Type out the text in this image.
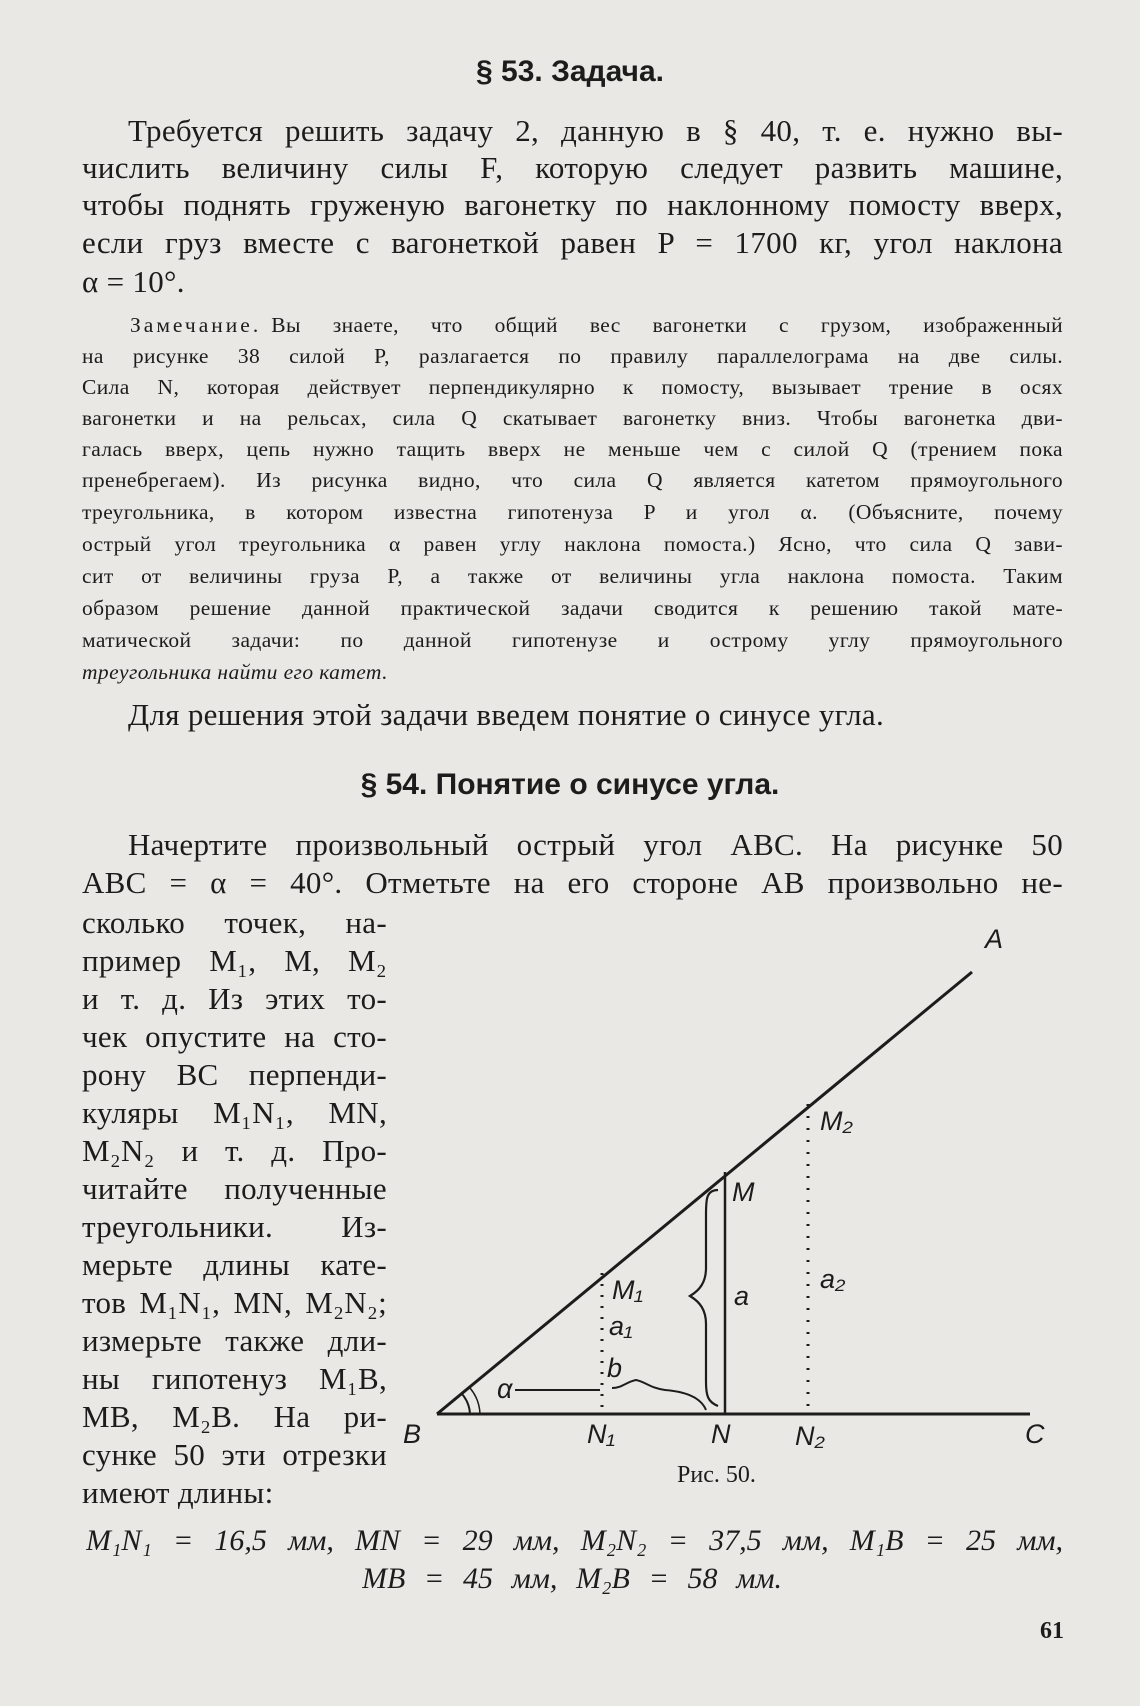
§ 53. Задача.
Требуется решить задачу 2, данную в § 40, т. е. нужно вы-
числить величину силы F, которую следует развить машине,
чтобы поднять груженую вагонетку по наклонному помосту вверх,
если груз вместе с вагонеткой равен P = 1700 кг, угол наклона
α = 10°.
Замечание. Вы знаете, что общий вес вагонетки с грузом, изображенный
на рисунке 38 силой P, разлагается по правилу параллелограма на две силы.
Сила N, которая действует перпендикулярно к помосту, вызывает трение в осях
вагонетки и на рельсах, сила Q скатывает вагонетку вниз. Чтобы вагонетка дви-
галась вверх, цепь нужно тащить вверх не меньше чем с силой Q (трением пока
пренебрегаем). Из рисунка видно, что сила Q является катетом прямоугольного
треугольника, в котором известна гипотенуза P и угол α. (Объясните, почему
острый угол треугольника α равен углу наклона помоста.) Ясно, что сила Q зави-
сит от величины груза P, а также от величины угла наклона помоста. Таким
образом решение данной практической задачи сводится к решению такой мате-
матической задачи: по данной гипотенузе и острому углу прямоугольного
треугольника найти его катет.
Для решения этой задачи введем понятие о синусе угла.
§ 54. Понятие о синусе угла.
Начертите произвольный острый угол ABC. На рисунке 50
ABC = α = 40°. Отметьте на его стороне AB произвольно не-
сколько точек, на-
пример M₁, M, M₂
и т. д. Из этих то-
чек опустите на сто-
рону BC перпенди-
куляры M₁N₁, MN,
M₂N₂ и т. д. Про-
читайте полученные
треугольники. Из-
мерьте длины кате-
тов M₁N₁, MN, M₂N₂;
измерьте также дли-
ны гипотенуз M₁B,
MB, M₂B. На ри-
сунке 50 эти отрезки
имеют длины:
A
B	C
M₂
M
M₁
a₁
a
a₂
b
α
N₁	N N₂
Рис. 50.
M₁N₁ = 16,5 мм, MN = 29 мм, M₂N₂ = 37,5 мм, M₁B = 25 мм,
MB = 45 мм, M₂B = 58 мм.
61
